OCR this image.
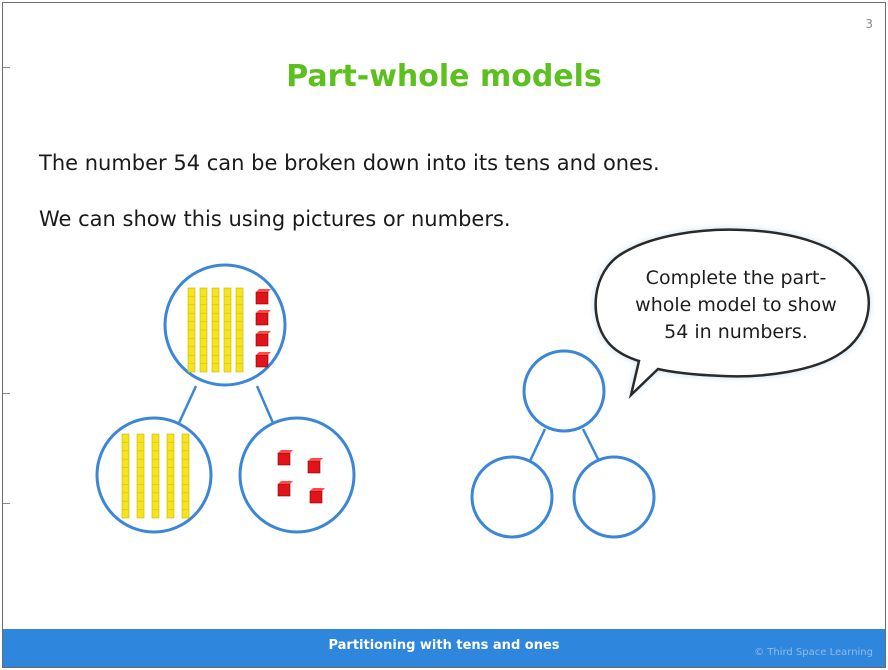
3
Part-whole models
The number 54 can be broken down into its tens and ones.
We can show this using pictures or numbers.
Complete the part-
whole model to show
54 in numbers.
Partitioning with tens and ones	© Third Space Learning
